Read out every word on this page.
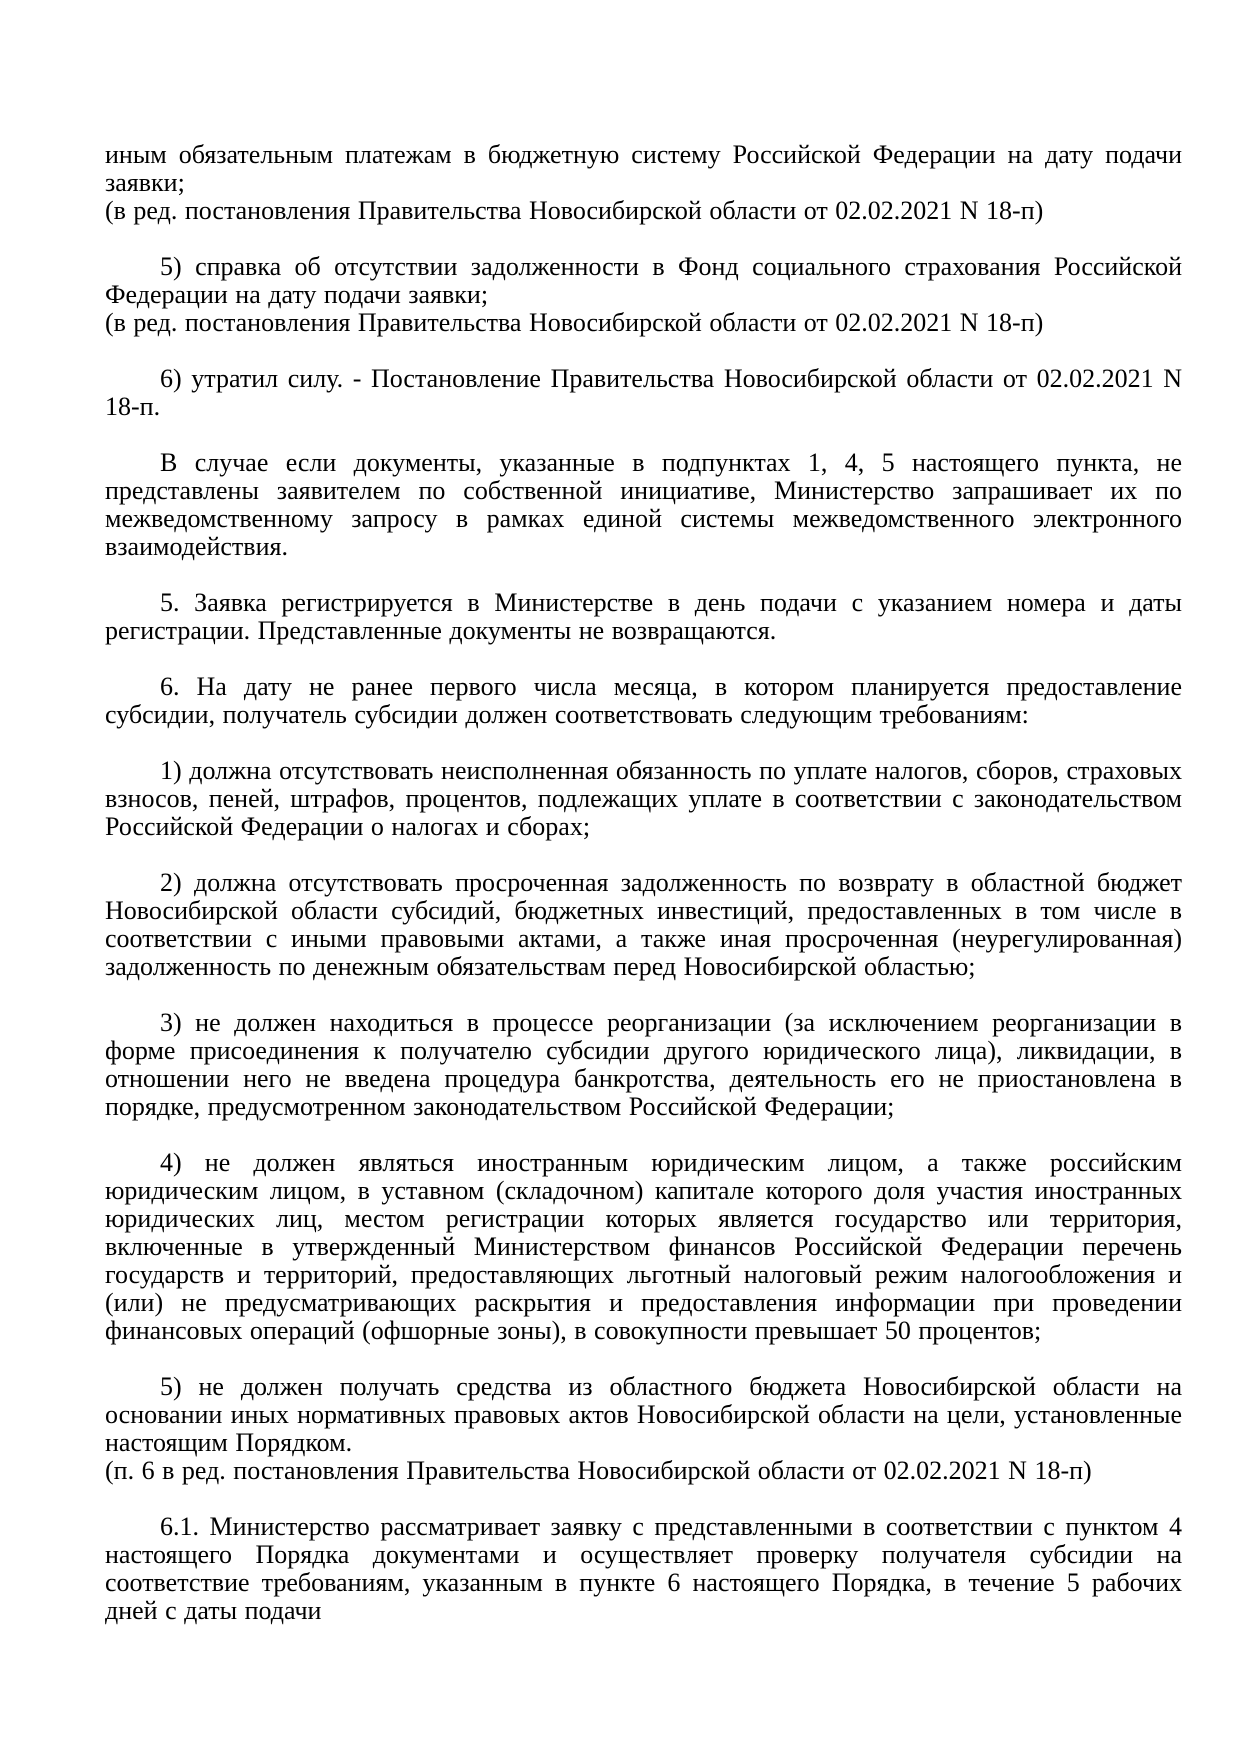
иным обязательным платежам в бюджетную систему Российской Федерации на дату подачи заявки;

(в ред. постановления Правительства Новосибирской области от 02.02.2021 N 18-п)

5) справка об отсутствии задолженности в Фонд социального страхования Российской Федерации на дату подачи заявки;

(в ред. постановления Правительства Новосибирской области от 02.02.2021 N 18-п)

6) утратил силу. - Постановление Правительства Новосибирской области от 02.02.2021 N 18-п.

В случае если документы, указанные в подпунктах 1, 4, 5 настоящего пункта, не представлены заявителем по собственной инициативе, Министерство запрашивает их по межведомственному запросу в рамках единой системы межведомственного электронного взаимодействия.

5. Заявка регистрируется в Министерстве в день подачи с указанием номера и даты регистрации. Представленные документы не возвращаются.

6. На дату не ранее первого числа месяца, в котором планируется предоставление субсидии, получатель субсидии должен соответствовать следующим требованиям:

1) должна отсутствовать неисполненная обязанность по уплате налогов, сборов, страховых взносов, пеней, штрафов, процентов, подлежащих уплате в соответствии с законодательством Российской Федерации о налогах и сборах;

2) должна отсутствовать просроченная задолженность по возврату в областной бюджет Новосибирской области субсидий, бюджетных инвестиций, предоставленных в том числе в соответствии с иными правовыми актами, а также иная просроченная (неурегулированная) задолженность по денежным обязательствам перед Новосибирской областью;

3) не должен находиться в процессе реорганизации (за исключением реорганизации в форме присоединения к получателю субсидии другого юридического лица), ликвидации, в отношении него не введена процедура банкротства, деятельность его не приостановлена в порядке, предусмотренном законодательством Российской Федерации;

4) не должен являться иностранным юридическим лицом, а также российским юридическим лицом, в уставном (складочном) капитале которого доля участия иностранных юридических лиц, местом регистрации которых является государство или территория, включенные в утвержденный Министерством финансов Российской Федерации перечень государств и территорий, предоставляющих льготный налоговый режим налогообложения и (или) не предусматривающих раскрытия и предоставления информации при проведении финансовых операций (офшорные зоны), в совокупности превышает 50 процентов;

5) не должен получать средства из областного бюджета Новосибирской области на основании иных нормативных правовых актов Новосибирской области на цели, установленные настоящим Порядком.

(п. 6 в ред. постановления Правительства Новосибирской области от 02.02.2021 N 18-п)

6.1. Министерство рассматривает заявку с представленными в соответствии с пунктом 4 настоящего Порядка документами и осуществляет проверку получателя субсидии на соответствие требованиям, указанным в пункте 6 настоящего Порядка, в течение 5 рабочих дней с даты подачи
